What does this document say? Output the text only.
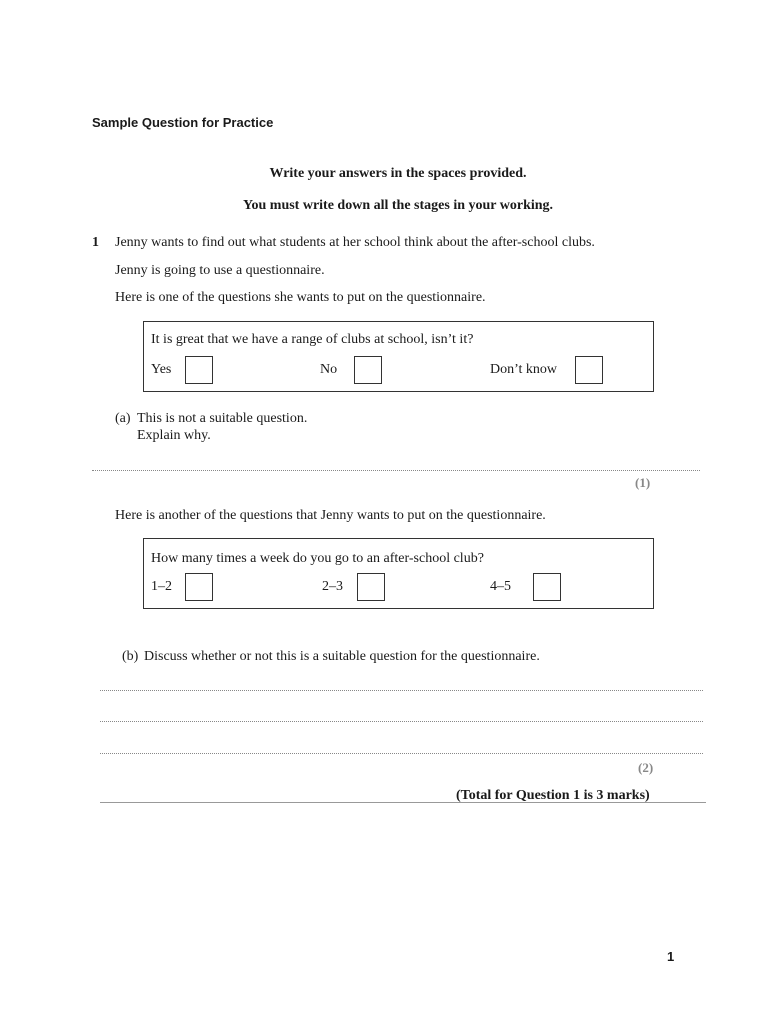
Sample Question for Practice
Write your answers in the spaces provided.
You must write down all the stages in your working.
1 Jenny wants to find out what students at her school think about the after-school clubs.
Jenny is going to use a questionnaire.
Here is one of the questions she wants to put on the questionnaire.
It is great that we have a range of clubs at school, isn’t it?
Yes	No	Don’t know
(a) This is not a suitable question.
Explain why.
(1)
Here is another of the questions that Jenny wants to put on the questionnaire.
How many times a week do you go to an after-school club?
1–2	2–3	4–5
(b) Discuss whether or not this is a suitable question for the questionnaire.
(2)
(Total for Question 1 is 3 marks)
1
